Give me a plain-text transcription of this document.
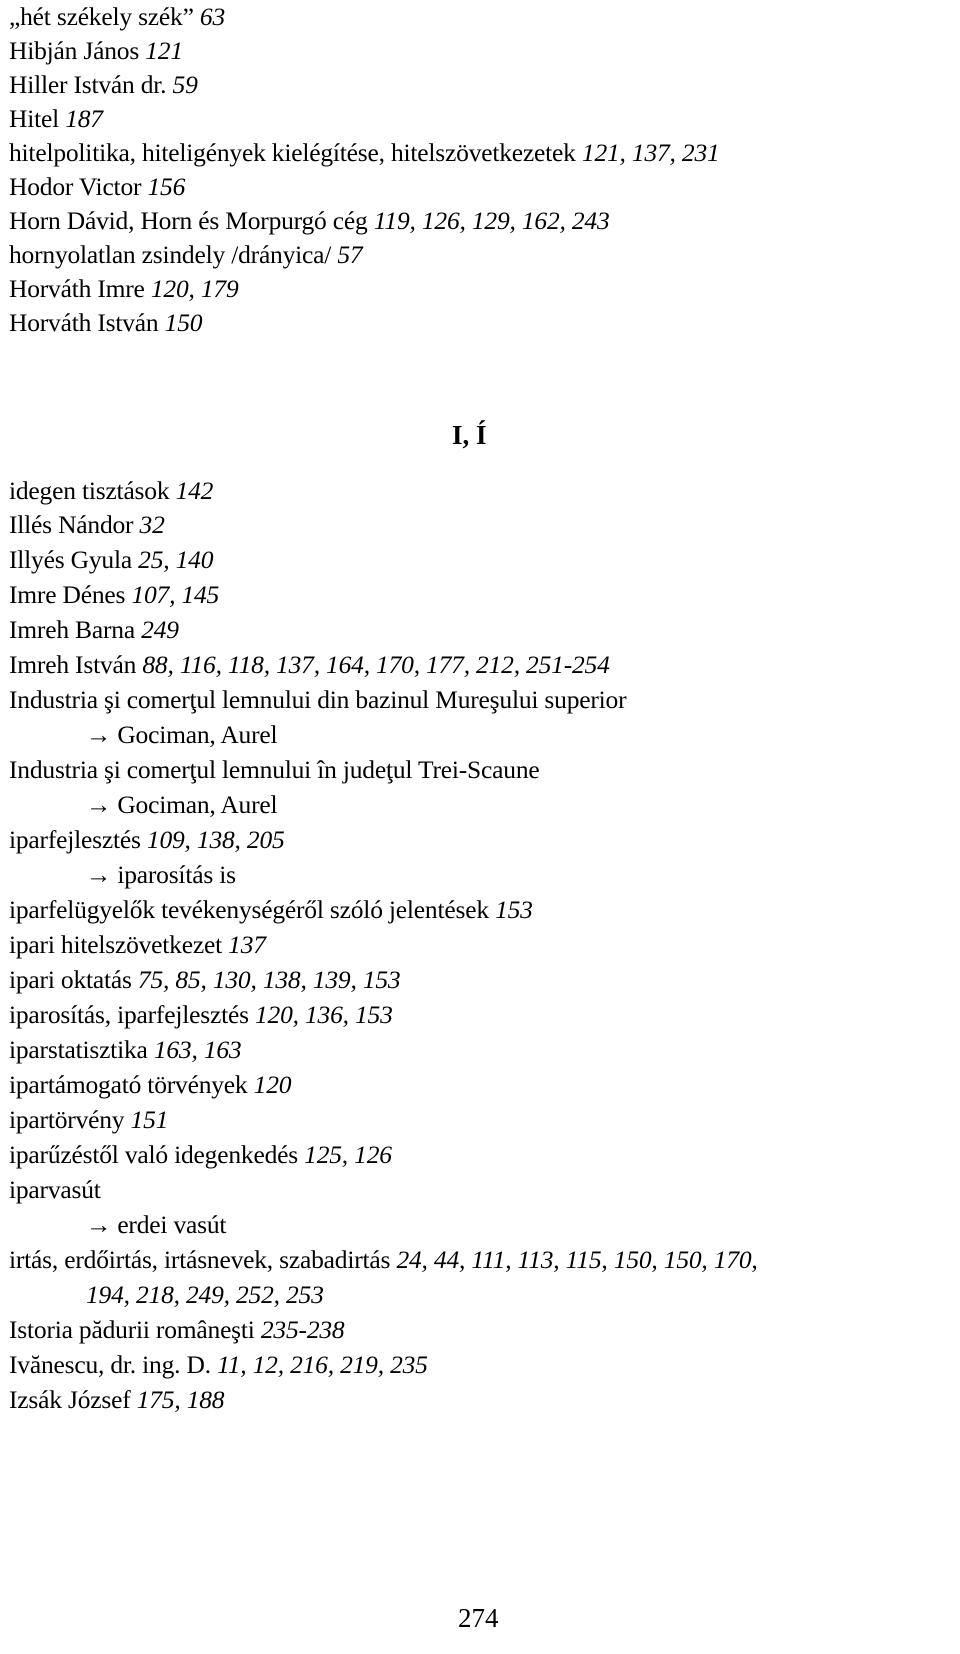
„hét székely szék” 63
Hibján János 121
Hiller István dr. 59
Hitel 187
hitelpolitika, hiteligények kielégítése, hitelszövetkezetek 121, 137, 231
Hodor Victor 156
Horn Dávid, Horn és Morpurgó cég 119, 126, 129, 162, 243
hornyolatlan zsindely /drányica/ 57
Horváth Imre 120, 179
Horváth István 150
I, Í
idegen tisztások 142
Illés Nándor 32
Illyés Gyula 25, 140
Imre Dénes 107, 145
Imreh Barna 249
Imreh István 88, 116, 118, 137, 164, 170, 177, 212, 251-254
Industria şi comerţul lemnului din bazinul Mureşului superior
→ Gociman, Aurel
Industria şi comerţul lemnului în judeţul Trei-Scaune
→ Gociman, Aurel
iparfejlesztés 109, 138, 205
→ iparosítás is
iparfelügyelők tevékenységéről szóló jelentések 153
ipari hitelszövetkezet 137
ipari oktatás 75, 85, 130, 138, 139, 153
iparosítás, iparfejlesztés 120, 136, 153
iparstatisztika 163, 163
ipartámogató törvények 120
ipartörvény 151
iparűzéstől való idegenkedés 125, 126
iparvasút
→ erdei vasút
irtás, erdőirtás, irtásnevek, szabadirtás 24, 44, 111, 113, 115, 150, 150, 170,
194, 218, 249, 252, 253
Istoria pădurii româneşti 235-238
Ivănescu, dr. ing. D. 11, 12, 216, 219, 235
Izsák József 175, 188
274
